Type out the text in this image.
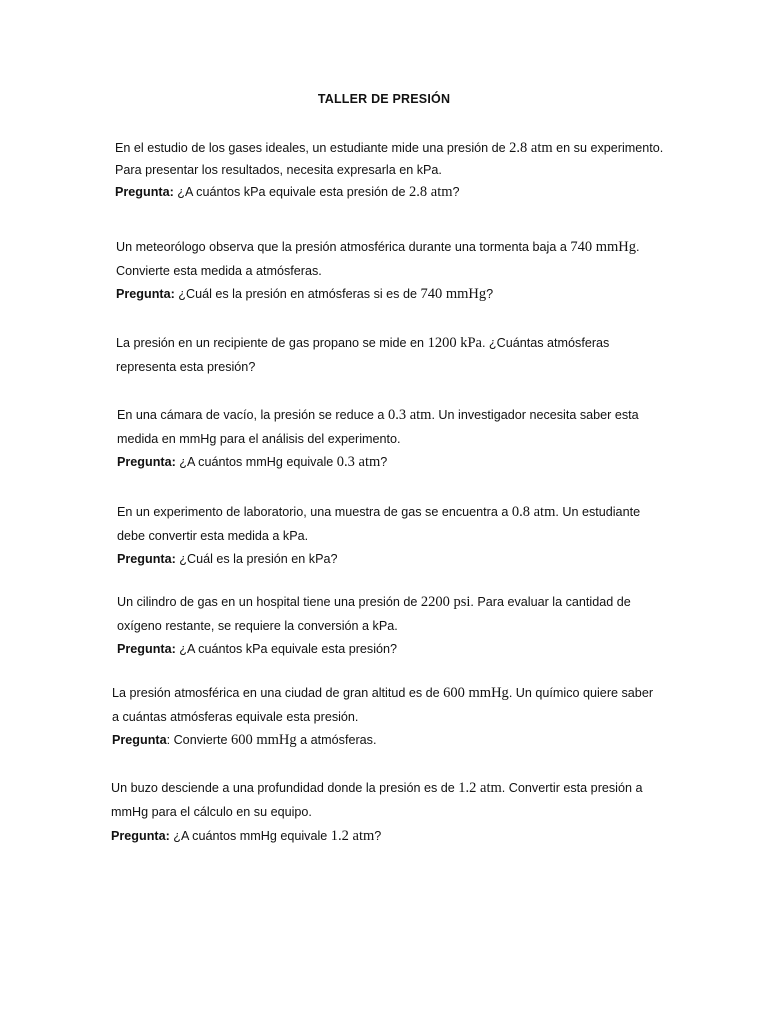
TALLER DE PRESIÓN
En el estudio de los gases ideales, un estudiante mide una presión de 2.8 atm en su experimento.
Para presentar los resultados, necesita expresarla en kPa.
Pregunta: ¿A cuántos kPa equivale esta presión de 2.8 atm?
Un meteorólogo observa que la presión atmosférica durante una tormenta baja a 740 mmHg.
Convierte esta medida a atmósferas.
Pregunta: ¿Cuál es la presión en atmósferas si es de 740 mmHg?
La presión en un recipiente de gas propano se mide en 1200 kPa. ¿Cuántas atmósferas
representa esta presión?
En una cámara de vacío, la presión se reduce a 0.3 atm. Un investigador necesita saber esta
medida en mmHg para el análisis del experimento.
Pregunta: ¿A cuántos mmHg equivale 0.3 atm?
En un experimento de laboratorio, una muestra de gas se encuentra a 0.8 atm. Un estudiante
debe convertir esta medida a kPa.
Pregunta: ¿Cuál es la presión en kPa?
Un cilindro de gas en un hospital tiene una presión de 2200 psi. Para evaluar la cantidad de
oxígeno restante, se requiere la conversión a kPa.
Pregunta: ¿A cuántos kPa equivale esta presión?
La presión atmosférica en una ciudad de gran altitud es de 600 mmHg. Un químico quiere saber
a cuántas atmósferas equivale esta presión.
Pregunta: Convierte 600 mmHg a atmósferas.
Un buzo desciende a una profundidad donde la presión es de 1.2 atm. Convertir esta presión a
mmHg para el cálculo en su equipo.
Pregunta: ¿A cuántos mmHg equivale 1.2 atm?
